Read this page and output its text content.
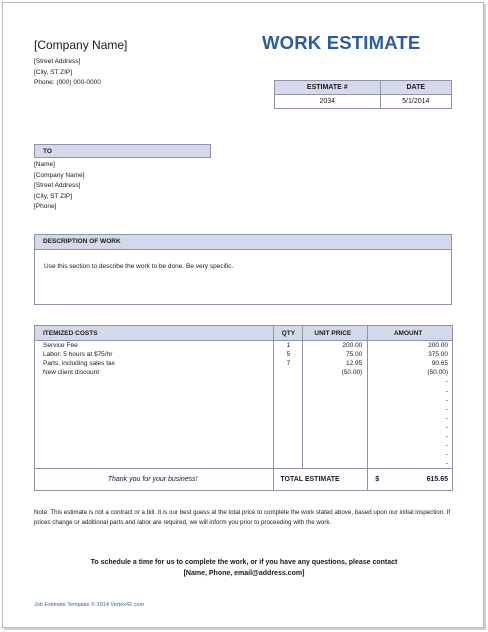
[Company Name]
[Street Address]
[City, ST ZIP]
Phone: (000) 000-0000
WORK ESTIMATE
ESTIMATE #	DATE
2034	5/1/2014
TO
[Name]
[Company Name]
[Street Address]
[City, ST ZIP]
[Phone]
DESCRIPTION OF WORK
Use this section to describe the work to be done. Be very specific.
ITEMIZED COSTS	QTY	UNIT PRICE	AMOUNT
Service Fee	1	200.00	200.00
Labor: 5 hours at $75/hr	5	75.00	375.00
Parts, including sales tax	7	12.95	90.65
New client discount		(50.00)	(50.00)
			-
			-
			-
			-
			-
			-
			-
			-
			-
			-
Thank you for your business!	TOTAL ESTIMATE		$ 615.65
Note: This estimate is not a contract or a bill. It is our best guess at the total price to complete the work stated above, based upon our initial inspection. If prices change or additional parts and labor are required, we will inform you prior to proceeding with the work.
To schedule a time for us to complete the work, or if you have any questions, please contact
[Name, Phone, email@address.com]
Job Estimate Template © 2014 Vertex42.com
